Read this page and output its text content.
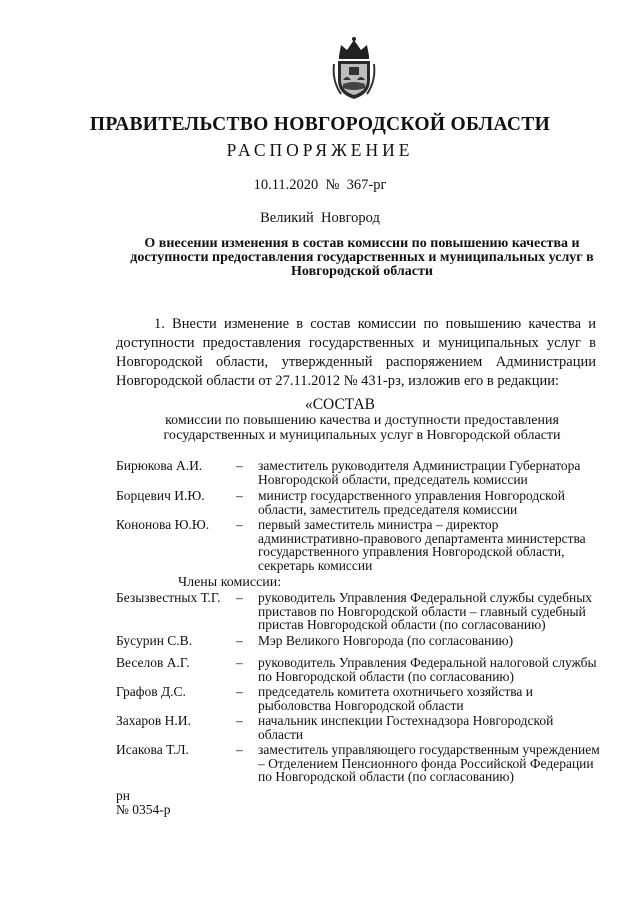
ПРАВИТЕЛЬСТВО НОВГОРОДСКОЙ ОБЛАСТИ
РАСПОРЯЖЕНИЕ
10.11.2020  №  367-рг
Великий  Новгород
О внесении изменения в состав комиссии по повышению качества и доступности предоставления государственных и муниципальных услуг в Новгородской области
1. Внести изменение в состав комиссии по повышению качества и доступности предоставления государственных и муниципальных услуг в Новгородской области, утвержденный распоряжением Администрации Новгородской области от 27.11.2012 № 431-рз, изложив его в редакции:
«СОСТАВ
комиссии по повышению качества и доступности предоставления государственных и муниципальных услуг в Новгородской области
Бирюкова А.И.	– заместитель руководителя Администрации Губернатора Новгородской области, председатель комиссии
Борцевич И.Ю. – министр государственного управления Новгородской области, заместитель председателя комиссии
Кононова Ю.Ю. – первый заместитель министра – директор административно-правового департамента министерства государственного управления Новгородской области, секретарь комиссии
Члены комиссии:
Безызвестных Т.Г. – руководитель Управления Федеральной службы судебных приставов по Новгородской области – главный судебный пристав Новгородской области (по согласованию)
Бусурин С.В.	– Мэр Великого Новгорода (по согласованию)
Веселов А.Г.	– руководитель Управления Федеральной налоговой службы по Новгородской области (по согласованию)
Графов Д.С.	– председатель комитета охотничьего хозяйства и рыболовства Новгородской области
Захаров Н.И.	– начальник инспекции Гостехнадзора Новгородской области
Исакова Т.Л.	– заместитель управляющего государственным учреждением – Отделением Пенсионного фонда Российской Федерации по Новгородской области (по согласованию)
рн
№ 0354-р
